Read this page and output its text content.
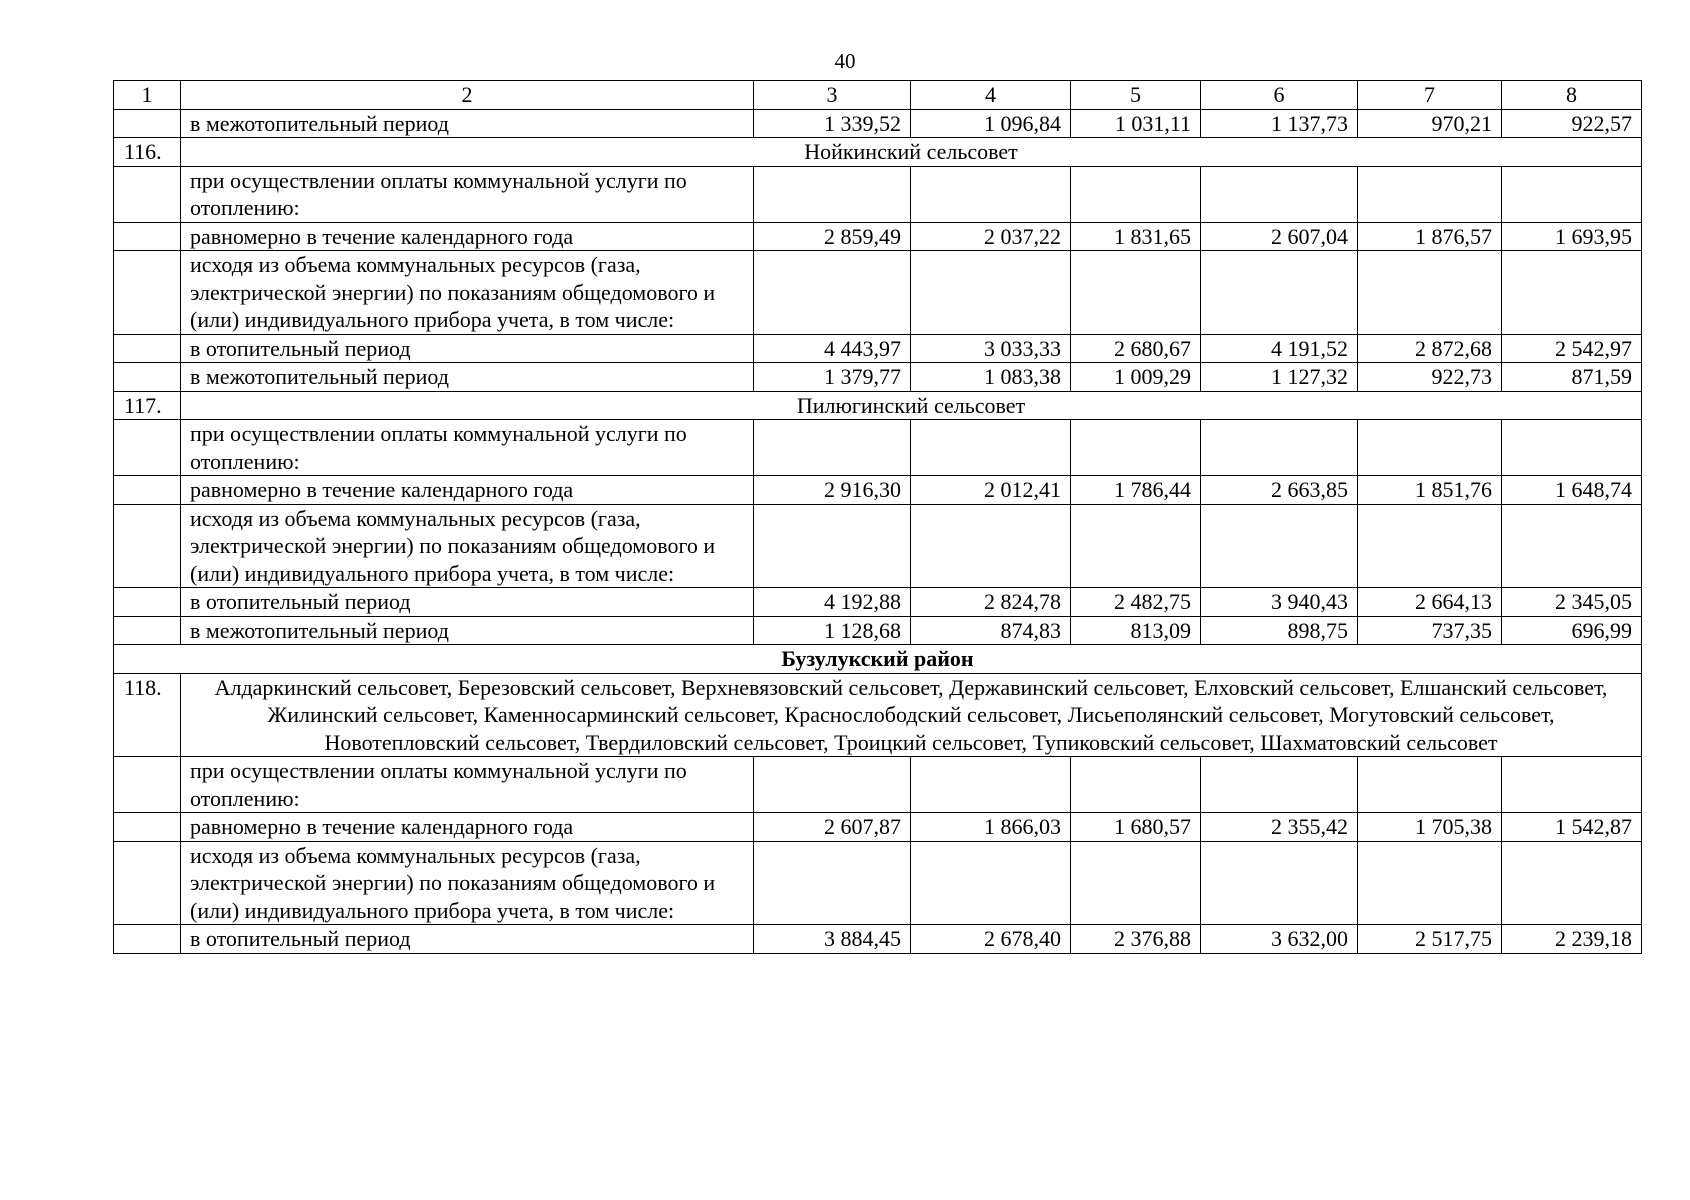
40
1	2	3	4	5	6	7	8
	в межотопительный период	1 339,52	1 096,84	1 031,11	1 137,73	970,21	922,57
116.	Нойкинский сельсовет						
	при осуществлении оплаты коммунальной услуги по отоплению:						
	равномерно в течение календарного года	2 859,49	2 037,22	1 831,65	2 607,04	1 876,57	1 693,95
	исходя из объема коммунальных ресурсов (газа, электрической энергии) по показаниям общедомового и (или) индивидуального прибора учета, в том числе:						
	в отопительный период	4 443,97	3 033,33	2 680,67	4 191,52	2 872,68	2 542,97
	в межотопительный период	1 379,77	1 083,38	1 009,29	1 127,32	922,73	871,59
117.	Пилюгинский сельсовет						
	при осуществлении оплаты коммунальной услуги по отоплению:						
	равномерно в течение календарного года	2 916,30	2 012,41	1 786,44	2 663,85	1 851,76	1 648,74
	исходя из объема коммунальных ресурсов (газа, электрической энергии) по показаниям общедомового и (или) индивидуального прибора учета, в том числе:						
	в отопительный период	4 192,88	2 824,78	2 482,75	3 940,43	2 664,13	2 345,05
	в межотопительный период	1 128,68	874,83	813,09	898,75	737,35	696,99
Бузулукский район							
118.	Алдаркинский сельсовет, Березовский сельсовет, Верхневязовский сельсовет, Державинский сельсовет, Елховский сельсовет, Елшанский сельсовет, Жилинский сельсовет, Каменносарминский сельсовет, Краснослободский сельсовет, Лисьеполянский сельсовет, Могутовский сельсовет, Новотепловский сельсовет, Твердиловский сельсовет, Троицкий сельсовет, Тупиковский сельсовет, Шахматовский сельсовет						
	при осуществлении оплаты коммунальной услуги по отоплению:						
	равномерно в течение календарного года	2 607,87	1 866,03	1 680,57	2 355,42	1 705,38	1 542,87
	исходя из объема коммунальных ресурсов (газа, электрической энергии) по показаниям общедомового и (или) индивидуального прибора учета, в том числе:						
	в отопительный период	3 884,45	2 678,40	2 376,88	3 632,00	2 517,75	2 239,18
